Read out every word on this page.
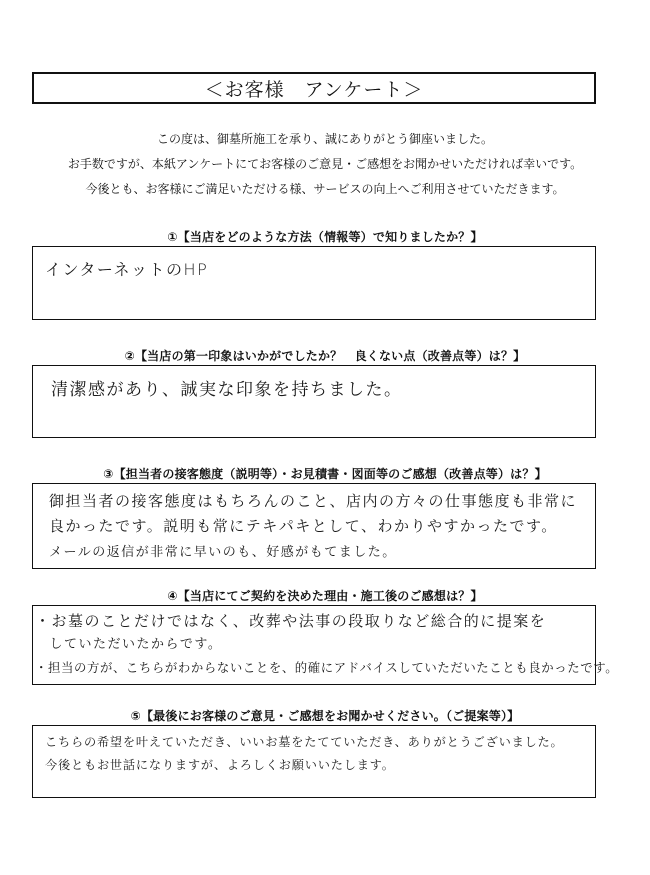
＜お客様　アンケート＞
この度は、御墓所施工を承り、誠にありがとう御座いました。
お手数ですが、本紙アンケートにてお客様のご意見・ご感想をお聞かせいただければ幸いです。
今後とも、お客様にご満足いただける様、サービスの向上へご利用させていただきます。
①【当店をどのような方法（情報等）で知りましたか？】
インターネットのHP
②【当店の第一印象はいかがでしたか？　良くない点（改善点等）は？】
清潔感があり、誠実な印象を持ちました。
③【担当者の接客態度（説明等）・お見積書・図面等のご感想（改善点等）は？】
御担当者の接客態度はもちろんのこと、店内の方々の仕事態度も非常に
良かったです。説明も常にテキパキとして、わかりやすかったです。
メールの返信が非常に早いのも、好感がもてました。
④【当店にてご契約を決めた理由・施工後のご感想は？】
・お墓のことだけではなく、改葬や法事の段取りなど総合的に提案を
　していただいたからです。
・担当の方が、こちらがわからないことを、的確にアドバイスしていただいたことも良かったです。
⑤【最後にお客様のご意見・ご感想をお聞かせください。（ご提案等）】
こちらの希望を叶えていただき、いいお墓をたてていただき、ありがとうございました。
今後ともお世話になりますが、よろしくお願いいたします。
